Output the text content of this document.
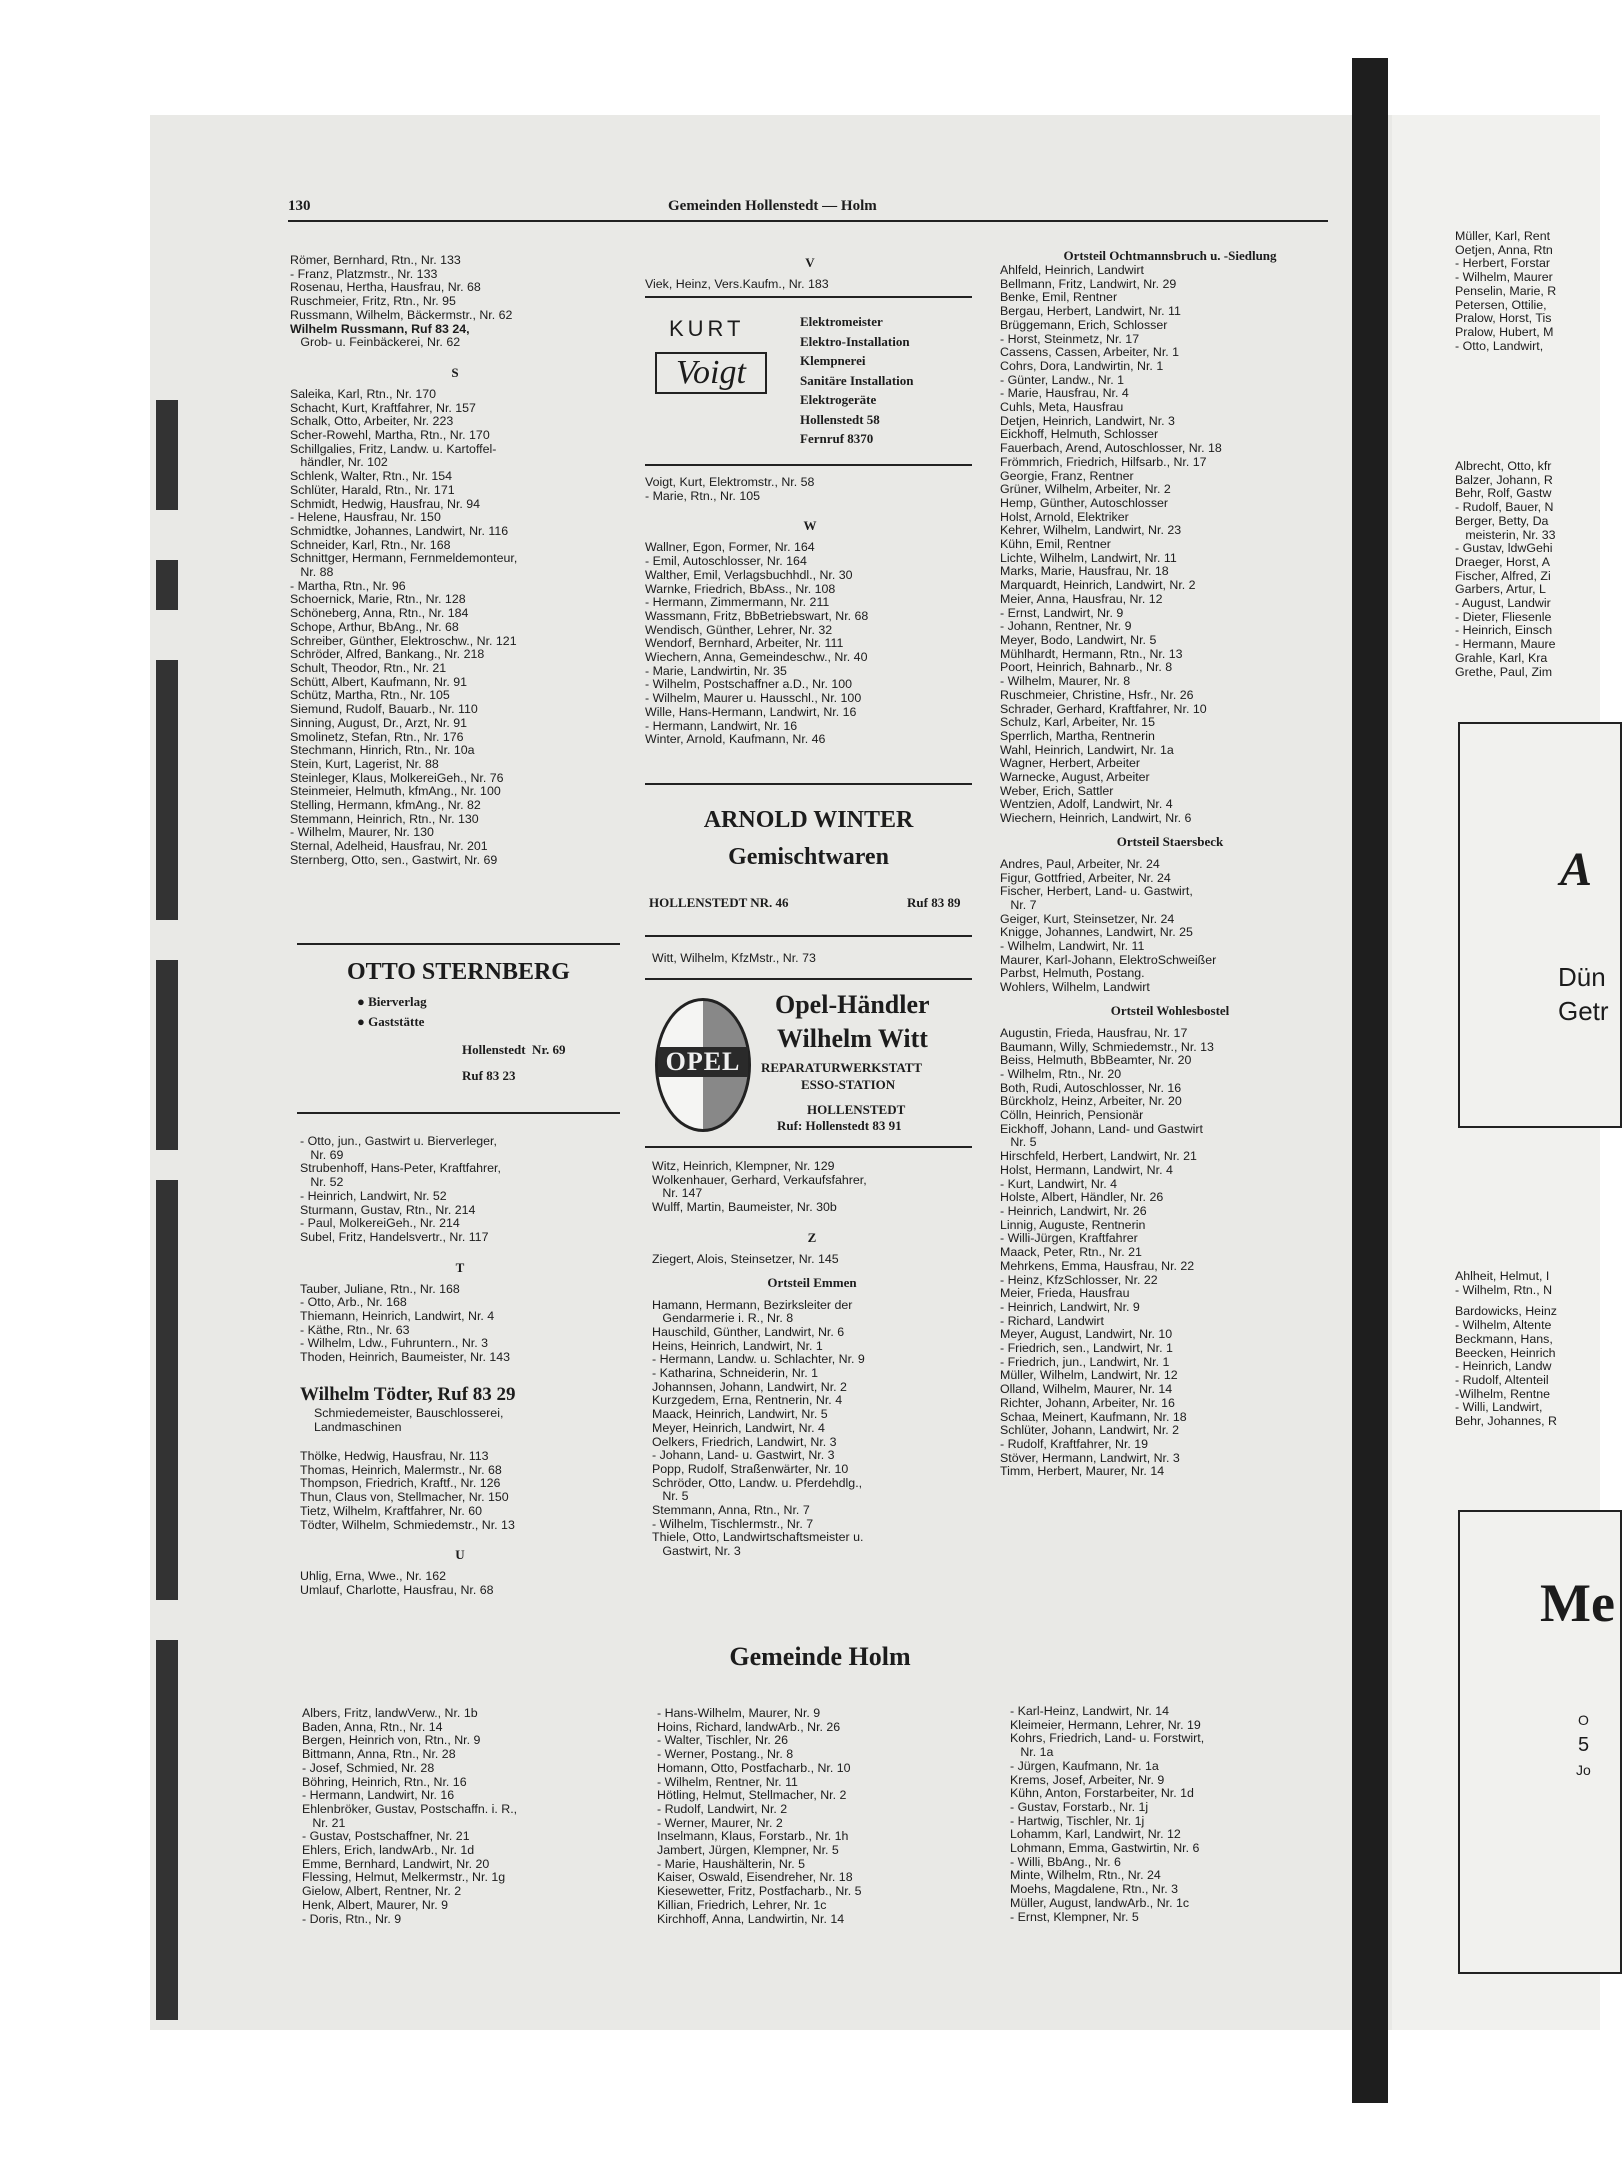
130	Gemeinden Hollenstedt — Holm
Römer, Bernhard, Rtn., Nr. 133
- Franz, Platzmstr., Nr. 133
Rosenau, Hertha, Hausfrau, Nr. 68
Ruschmeier, Fritz, Rtn., Nr. 95
Russmann, Wilhelm, Bäckermstr., Nr. 62
Wilhelm Russmann, Ruf 83 24,
Grob- u. Feinbäckerei, Nr. 62
S
Saleika, Karl, Rtn., Nr. 170
Schacht, Kurt, Kraftfahrer, Nr. 157
Schalk, Otto, Arbeiter, Nr. 223
Scher-Rowehl, Martha, Rtn., Nr. 170
Schillgalies, Fritz, Landw. u. Kartoffel-
händler, Nr. 102
Schlenk, Walter, Rtn., Nr. 154
Schlüter, Harald, Rtn., Nr. 171
Schmidt, Hedwig, Hausfrau, Nr. 94
- Helene, Hausfrau, Nr. 150
Schmidtke, Johannes, Landwirt, Nr. 116
Schneider, Karl, Rtn., Nr. 168
Schnittger, Hermann, Fernmeldemonteur,
Nr. 88
- Martha, Rtn., Nr. 96
Schoernick, Marie, Rtn., Nr. 128
Schöneberg, Anna, Rtn., Nr. 184
Schope, Arthur, BbAng., Nr. 68
Schreiber, Günther, Elektroschw., Nr. 121
Schröder, Alfred, Bankang., Nr. 218
Schult, Theodor, Rtn., Nr. 21
Schütt, Albert, Kaufmann, Nr. 91
Schütz, Martha, Rtn., Nr. 105
Siemund, Rudolf, Bauarb., Nr. 110
Sinning, August, Dr., Arzt, Nr. 91
Smolinetz, Stefan, Rtn., Nr. 176
Stechmann, Hinrich, Rtn., Nr. 10a
Stein, Kurt, Lagerist, Nr. 88
Steinleger, Klaus, MolkereiGeh., Nr. 76
Steinmeier, Helmuth, kfmAng., Nr. 100
Stelling, Hermann, kfmAng., Nr. 82
Stemmann, Heinrich, Rtn., Nr. 130
- Wilhelm, Maurer, Nr. 130
Sternal, Adelheid, Hausfrau, Nr. 201
Sternberg, Otto, sen., Gastwirt, Nr. 69
OTTO STERNBERG
● Bierverlag
● Gaststätte
Hollenstedt  Nr. 69
Ruf 83 23
- Otto, jun., Gastwirt u. Bierverleger,
Nr. 69
Strubenhoff, Hans-Peter, Kraftfahrer,
Nr. 52
- Heinrich, Landwirt, Nr. 52
Sturmann, Gustav, Rtn., Nr. 214
- Paul, MolkereiGeh., Nr. 214
Subel, Fritz, Handelsvertr., Nr. 117
T
Tauber, Juliane, Rtn., Nr. 168
- Otto, Arb., Nr. 168
Thiemann, Heinrich, Landwirt, Nr. 4
- Käthe, Rtn., Nr. 63
- Wilhelm, Ldw., Fuhruntern., Nr. 3
Thoden, Heinrich, Baumeister, Nr. 143
Wilhelm Tödter, Ruf 83 29
Schmiedemeister, Bauschlosserei,
Landmaschinen
Thölke, Hedwig, Hausfrau, Nr. 113
Thomas, Heinrich, Malermstr., Nr. 68
Thompson, Friedrich, Kraftf., Nr. 126
Thun, Claus von, Stellmacher, Nr. 150
Tietz, Wilhelm, Kraftfahrer, Nr. 60
Tödter, Wilhelm, Schmiedemstr., Nr. 13
U
Uhlig, Erna, Wwe., Nr. 162
Umlauf, Charlotte, Hausfrau, Nr. 68
V
Viek, Heinz, Vers.Kaufm., Nr. 183
KURT
Voigt
Elektromeister
Elektro-Installation
Klempnerei
Sanitäre Installation
Elektrogeräte
Hollenstedt 58
Fernruf 8370
Voigt, Kurt, Elektromstr., Nr. 58
- Marie, Rtn., Nr. 105
W
Wallner, Egon, Former, Nr. 164
- Emil, Autoschlosser, Nr. 164
Walther, Emil, Verlagsbuchhdl., Nr. 30
Warnke, Friedrich, BbAss., Nr. 108
- Hermann, Zimmermann, Nr. 211
Wassmann, Fritz, BbBetriebswart, Nr. 68
Wendisch, Günther, Lehrer, Nr. 32
Wendorf, Bernhard, Arbeiter, Nr. 111
Wiechern, Anna, Gemeindeschw., Nr. 40
- Marie, Landwirtin, Nr. 35
- Wilhelm, Postschaffner a.D., Nr. 100
- Wilhelm, Maurer u. Hausschl., Nr. 100
Wille, Hans-Hermann, Landwirt, Nr. 16
- Hermann, Landwirt, Nr. 16
Winter, Arnold, Kaufmann, Nr. 46
ARNOLD WINTER
Gemischtwaren
HOLLENSTEDT NR. 46	Ruf 83 89
Witt, Wilhelm, KfzMstr., Nr. 73
OPEL
Opel-Händler
Wilhelm Witt
REPARATURWERKSTATT
ESSO-STATION
HOLLENSTEDT
Ruf: Hollenstedt 83 91
Witz, Heinrich, Klempner, Nr. 129
Wolkenhauer, Gerhard, Verkaufsfahrer,
Nr. 147
Wulff, Martin, Baumeister, Nr. 30b
Z
Ziegert, Alois, Steinsetzer, Nr. 145
Ortsteil Emmen
Hamann, Hermann, Bezirksleiter der
Gendarmerie i. R., Nr. 8
Hauschild, Günther, Landwirt, Nr. 6
Heins, Heinrich, Landwirt, Nr. 1
- Hermann, Landw. u. Schlachter, Nr. 9
- Katharina, Schneiderin, Nr. 1
Johannsen, Johann, Landwirt, Nr. 2
Kurzgedem, Erna, Rentnerin, Nr. 4
Maack, Heinrich, Landwirt, Nr. 5
Meyer, Heinrich, Landwirt, Nr. 4
Oelkers, Friedrich, Landwirt, Nr. 3
- Johann, Land- u. Gastwirt, Nr. 3
Popp, Rudolf, Straßenwärter, Nr. 10
Schröder, Otto, Landw. u. Pferdehdlg.,
Nr. 5
Stemmann, Anna, Rtn., Nr. 7
- Wilhelm, Tischlermstr., Nr. 7
Thiele, Otto, Landwirtschaftsmeister u.
Gastwirt, Nr. 3
Ortsteil Ochtmannsbruch u. -Siedlung
Ahlfeld, Heinrich, Landwirt
Bellmann, Fritz, Landwirt, Nr. 29
Benke, Emil, Rentner
Bergau, Herbert, Landwirt, Nr. 11
Brüggemann, Erich, Schlosser
- Horst, Steinmetz, Nr. 17
Cassens, Cassen, Arbeiter, Nr. 1
Cohrs, Dora, Landwirtin, Nr. 1
- Günter, Landw., Nr. 1
- Marie, Hausfrau, Nr. 4
Cuhls, Meta, Hausfrau
Detjen, Heinrich, Landwirt, Nr. 3
Eickhoff, Helmuth, Schlosser
Fauerbach, Arend, Autoschlosser, Nr. 18
Frömmrich, Friedrich, Hilfsarb., Nr. 17
Georgie, Franz, Rentner
Grüner, Wilhelm, Arbeiter, Nr. 2
Hemp, Günther, Autoschlosser
Holst, Arnold, Elektriker
Kehrer, Wilhelm, Landwirt, Nr. 23
Kühn, Emil, Rentner
Lichte, Wilhelm, Landwirt, Nr. 11
Marks, Marie, Hausfrau, Nr. 18
Marquardt, Heinrich, Landwirt, Nr. 2
Meier, Anna, Hausfrau, Nr. 12
- Ernst, Landwirt, Nr. 9
- Johann, Rentner, Nr. 9
Meyer, Bodo, Landwirt, Nr. 5
Mühlhardt, Hermann, Rtn., Nr. 13
Poort, Heinrich, Bahnarb., Nr. 8
- Wilhelm, Maurer, Nr. 8
Ruschmeier, Christine, Hsfr., Nr. 26
Schrader, Gerhard, Kraftfahrer, Nr. 10
Schulz, Karl, Arbeiter, Nr. 15
Sperrlich, Martha, Rentnerin
Wahl, Heinrich, Landwirt, Nr. 1a
Wagner, Herbert, Arbeiter
Warnecke, August, Arbeiter
Weber, Erich, Sattler
Wentzien, Adolf, Landwirt, Nr. 4
Wiechern, Heinrich, Landwirt, Nr. 6
Ortsteil Staersbeck
Andres, Paul, Arbeiter, Nr. 24
Figur, Gottfried, Arbeiter, Nr. 24
Fischer, Herbert, Land- u. Gastwirt,
Nr. 7
Geiger, Kurt, Steinsetzer, Nr. 24
Knigge, Johannes, Landwirt, Nr. 25
- Wilhelm, Landwirt, Nr. 11
Maurer, Karl-Johann, ElektroSchweißer
Parbst, Helmuth, Postang.
Wohlers, Wilhelm, Landwirt
Ortsteil Wohlesbostel
Augustin, Frieda, Hausfrau, Nr. 17
Baumann, Willy, Schmiedemstr., Nr. 13
Beiss, Helmuth, BbBeamter, Nr. 20
- Wilhelm, Rtn., Nr. 20
Both, Rudi, Autoschlosser, Nr. 16
Bürckholz, Heinz, Arbeiter, Nr. 20
Cölln, Heinrich, Pensionär
Eickhoff, Johann, Land- und Gastwirt
Nr. 5
Hirschfeld, Herbert, Landwirt, Nr. 21
Holst, Hermann, Landwirt, Nr. 4
- Kurt, Landwirt, Nr. 4
Holste, Albert, Händler, Nr. 26
- Heinrich, Landwirt, Nr. 26
Linnig, Auguste, Rentnerin
- Willi-Jürgen, Kraftfahrer
Maack, Peter, Rtn., Nr. 21
Mehrkens, Emma, Hausfrau, Nr. 22
- Heinz, KfzSchlosser, Nr. 22
Meier, Frieda, Hausfrau
- Heinrich, Landwirt, Nr. 9
- Richard, Landwirt
Meyer, August, Landwirt, Nr. 10
- Friedrich, sen., Landwirt, Nr. 1
- Friedrich, jun., Landwirt, Nr. 1
Müller, Wilhelm, Landwirt, Nr. 12
Olland, Wilhelm, Maurer, Nr. 14
Richter, Johann, Arbeiter, Nr. 16
Schaa, Meinert, Kaufmann, Nr. 18
Schlüter, Johann, Landwirt, Nr. 2
- Rudolf, Kraftfahrer, Nr. 19
Stöver, Hermann, Landwirt, Nr. 3
Timm, Herbert, Maurer, Nr. 14
Gemeinde Holm
Albers, Fritz, landwVerw., Nr. 1b
Baden, Anna, Rtn., Nr. 14
Bergen, Heinrich von, Rtn., Nr. 9
Bittmann, Anna, Rtn., Nr. 28
- Josef, Schmied, Nr. 28
Böhring, Heinrich, Rtn., Nr. 16
- Hermann, Landwirt, Nr. 16
Ehlenbröker, Gustav, Postschaffn. i. R.,
Nr. 21
- Gustav, Postschaffner, Nr. 21
Ehlers, Erich, landwArb., Nr. 1d
Emme, Bernhard, Landwirt, Nr. 20
Flessing, Helmut, Melkermstr., Nr. 1g
Gielow, Albert, Rentner, Nr. 2
Henk, Albert, Maurer, Nr. 9
- Doris, Rtn., Nr. 9
- Hans-Wilhelm, Maurer, Nr. 9
Hoins, Richard, landwArb., Nr. 26
- Walter, Tischler, Nr. 26
- Werner, Postang., Nr. 8
Homann, Otto, Postfacharb., Nr. 10
- Wilhelm, Rentner, Nr. 11
Hötling, Helmut, Stellmacher, Nr. 2
- Rudolf, Landwirt, Nr. 2
- Werner, Maurer, Nr. 2
Inselmann, Klaus, Forstarb., Nr. 1h
Jambert, Jürgen, Klempner, Nr. 5
- Marie, Haushälterin, Nr. 5
Kaiser, Oswald, Eisendreher, Nr. 18
Kiesewetter, Fritz, Postfacharb., Nr. 5
Killian, Friedrich, Lehrer, Nr. 1c
Kirchhoff, Anna, Landwirtin, Nr. 14
- Karl-Heinz, Landwirt, Nr. 14
Kleimeier, Hermann, Lehrer, Nr. 19
Kohrs, Friedrich, Land- u. Forstwirt,
Nr. 1a
- Jürgen, Kaufmann, Nr. 1a
Krems, Josef, Arbeiter, Nr. 9
Kühn, Anton, Forstarbeiter, Nr. 1d
- Gustav, Forstarb., Nr. 1j
- Hartwig, Tischler, Nr. 1j
Lohamm, Karl, Landwirt, Nr. 12
Lohmann, Emma, Gastwirtin, Nr. 6
- Willi, BbAng., Nr. 6
Minte, Wilhelm, Rtn., Nr. 24
Moehs, Magdalene, Rtn., Nr. 3
Müller, August, landwArb., Nr. 1c
- Ernst, Klempner, Nr. 5
Müller, Karl, Rent
Oetjen, Anna, Rtn
- Herbert, Forstar
- Wilhelm, Maurer
Penselin, Marie, R
Petersen, Ottilie,
Pralow, Horst, Tis
Pralow, Hubert, M
- Otto, Landwirt,
Albrecht, Otto, kfr
Balzer, Johann, R
Behr, Rolf, Gastw
- Rudolf, Bauer, N
Berger, Betty, Da
meisterin, Nr. 33
- Gustav, ldwGehi
Draeger, Horst, A
Fischer, Alfred, Zi
Garbers, Artur, L
- August, Landwir
- Dieter, Fliesenle
- Heinrich, Einsch
- Hermann, Maure
Grahle, Karl, Kra
Grethe, Paul, Zim
A
Dün
Getr
Ahlheit, Helmut, I
- Wilhelm, Rtn., N
Bardowicks, Heinz
- Wilhelm, Altente
Beckmann, Hans,
Beecken, Heinrich
- Heinrich, Landw
- Rudolf, Altenteil
-Wilhelm, Rentne
- Willi, Landwirt,
Behr, Johannes, R
Me
O
5
Jo
